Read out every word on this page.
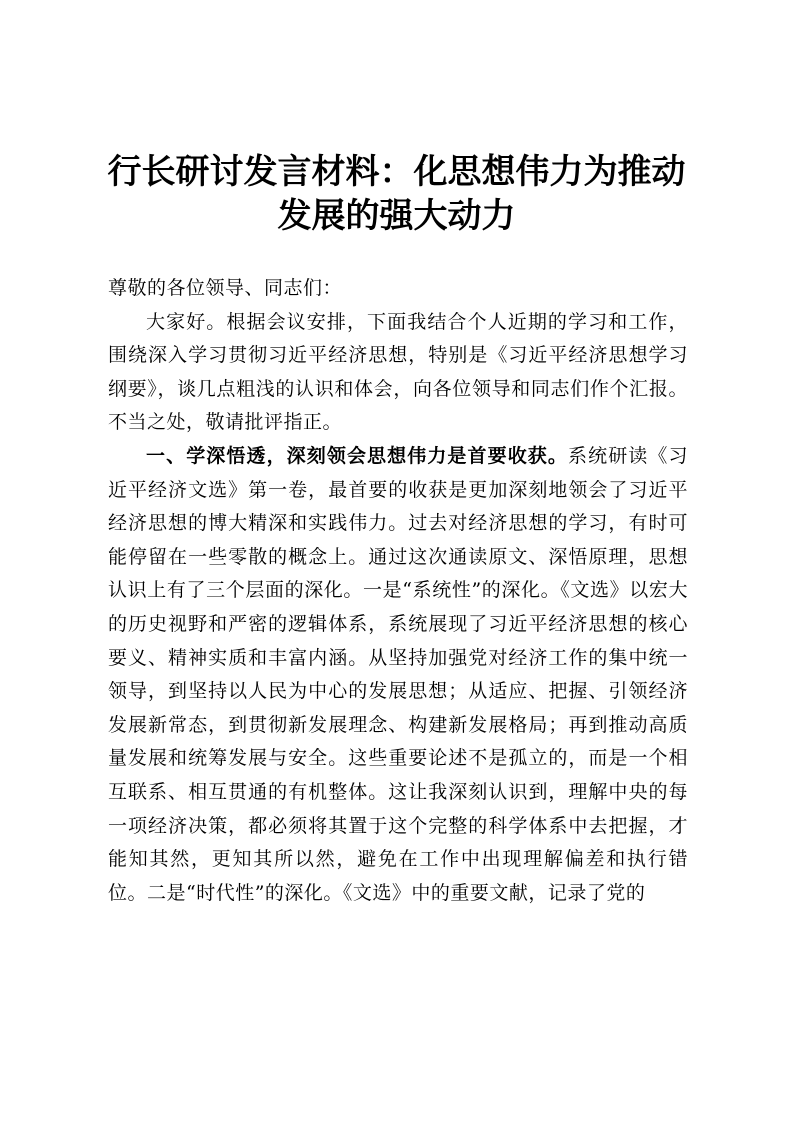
行长研讨发言材料：化思想伟力为推动
发展的强大动力

尊敬的各位领导、同志们：

大家好。根据会议安排，下面我结合个人近期的学习和工作，围绕深入学习贯彻习近平经济思想，特别是《习近平经济思想学习纲要》，谈几点粗浅的认识和体会，向各位领导和同志们作个汇报。不当之处，敬请批评指正。

一、学深悟透，深刻领会思想伟力是首要收获。系统研读《习近平经济文选》第一卷，最首要的收获是更加深刻地领会了习近平经济思想的博大精深和实践伟力。过去对经济思想的学习，有时可能停留在一些零散的概念上。通过这次通读原文、深悟原理，思想认识上有了三个层面的深化。一是“系统性”的深化。《文选》以宏大的历史视野和严密的逻辑体系，系统展现了习近平经济思想的核心要义、精神实质和丰富内涵。从坚持加强党对经济工作的集中统一领导，到坚持以人民为中心的发展思想；从适应、把握、引领经济发展新常态，到贯彻新发展理念、构建新发展格局；再到推动高质量发展和统筹发展与安全。这些重要论述不是孤立的，而是一个相互联系、相互贯通的有机整体。这让我深刻认识到，理解中央的每一项经济决策，都必须将其置于这个完整的科学体系中去把握，才能知其然，更知其所以然，避免在工作中出现理解偏差和执行错位。二是“时代性”的深化。《文选》中的重要文献，记录了党的
